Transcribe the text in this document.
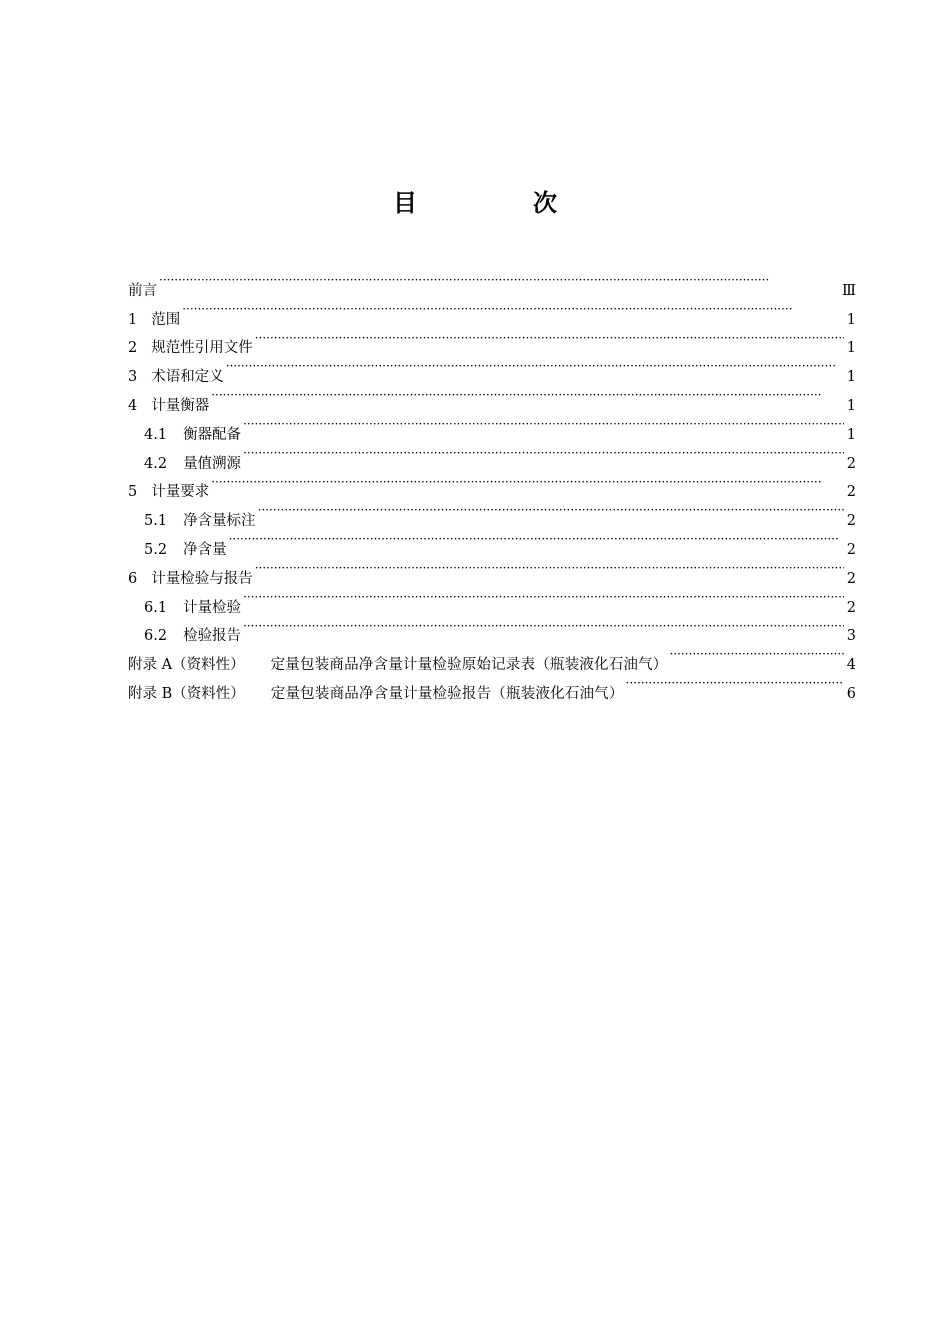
目　次
前言 ·····	Ⅲ
1 范围 ·····	1
2 规范性引用文件 ·····	1
3 术语和定义 ·····	1
4 计量衡器 ·····	1
4.1	衡器配备 ·····	1
4.2	量值溯源 ·····	2
5 计量要求 ·····	2
5.1	净含量标注 ·····	2
5.2	净含量 ·····	2
6 计量检验与报告 ·····	2
6.1	计量检验 ·····	2
6.2	检验报告 ·····	3
附录 A（资料性）	定量包装商品净含量计量检验原始记录表（瓶装液化石油气） ·····	4
附录 B（资料性）	定量包装商品净含量计量检验报告（瓶装液化石油气） ·····	6
